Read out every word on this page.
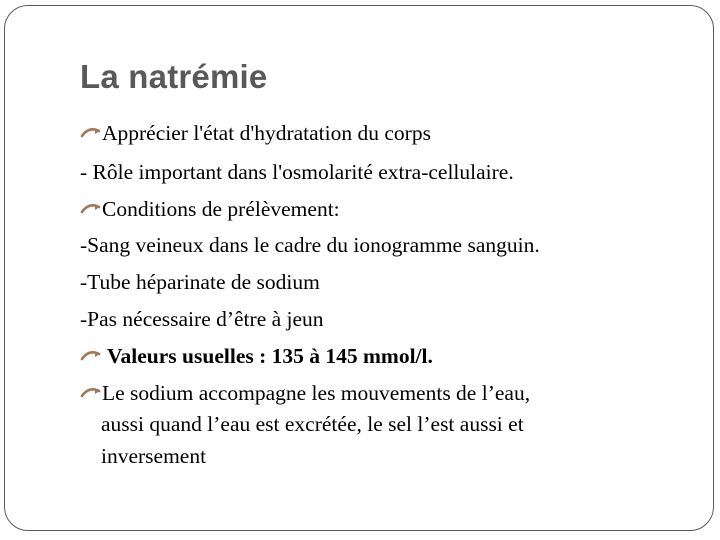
La natrémie
Apprécier l'état d'hydratation du corps
- Rôle important dans l'osmolarité extra-cellulaire.
Conditions de prélèvement:
-Sang veineux dans le cadre du ionogramme sanguin.
-Tube héparinate de sodium
-Pas nécessaire d’être à jeun
Valeurs usuelles : 135 à 145 mmol/l.
Le sodium accompagne les mouvements de l’eau,
aussi quand l’eau est excrétée, le sel l’est aussi et
inversement
